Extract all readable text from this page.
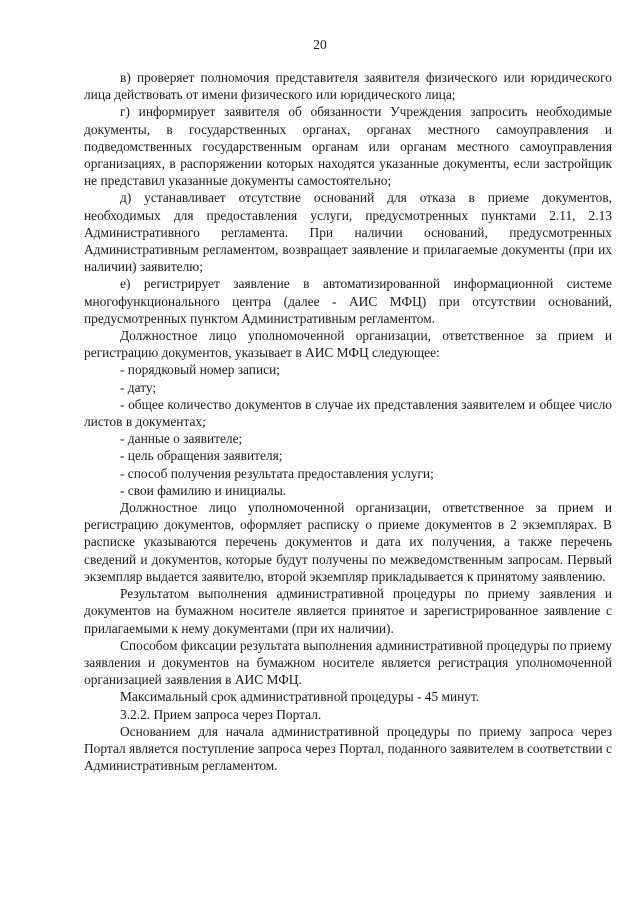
20

в) проверяет полномочия представителя заявителя физического или юридического лица действовать от имени физического или юридического лица;

г) информирует заявителя об обязанности Учреждения запросить необходимые документы, в государственных органах, органах местного самоуправления и подведомственных государственным органам или органам местного самоуправления организациях, в распоряжении которых находятся указанные документы, если застройщик не представил указанные документы самостоятельно;

д) устанавливает отсутствие оснований для отказа в приеме документов, необходимых для предоставления услуги, предусмотренных пунктами 2.11, 2.13 Административного регламента. При наличии оснований, предусмотренных Административным регламентом, возвращает заявление и прилагаемые документы (при их наличии) заявителю;

е) регистрирует заявление в автоматизированной информационной системе многофункционального центра (далее - АИС МФЦ) при отсутствии оснований, предусмотренных пунктом Административным регламентом.

Должностное лицо уполномоченной организации, ответственное за прием и регистрацию документов, указывает в АИС МФЦ следующее:

- порядковый номер записи;

- дату;

- общее количество документов в случае их представления заявителем и общее число листов в документах;

- данные о заявителе;

- цель обращения заявителя;

- способ получения результата предоставления услуги;

- свои фамилию и инициалы.

Должностное лицо уполномоченной организации, ответственное за прием и регистрацию документов, оформляет расписку о приеме документов в 2 экземплярах. В расписке указываются перечень документов и дата их получения, а также перечень сведений и документов, которые будут получены по межведомственным запросам. Первый экземпляр выдается заявителю, второй экземпляр прикладывается к принятому заявлению.

Результатом выполнения административной процедуры по приему заявления и документов на бумажном носителе является принятое и зарегистрированное заявление с прилагаемыми к нему документами (при их наличии).

Способом фиксации результата выполнения административной процедуры по приему заявления и документов на бумажном носителе является регистрация уполномоченной организацией заявления в АИС МФЦ.

Максимальный срок административной процедуры - 45 минут.

3.2.2. Прием запроса через Портал.

Основанием для начала административной процедуры по приему запроса через Портал является поступление запроса через Портал, поданного заявителем в соответствии с Административным регламентом.
